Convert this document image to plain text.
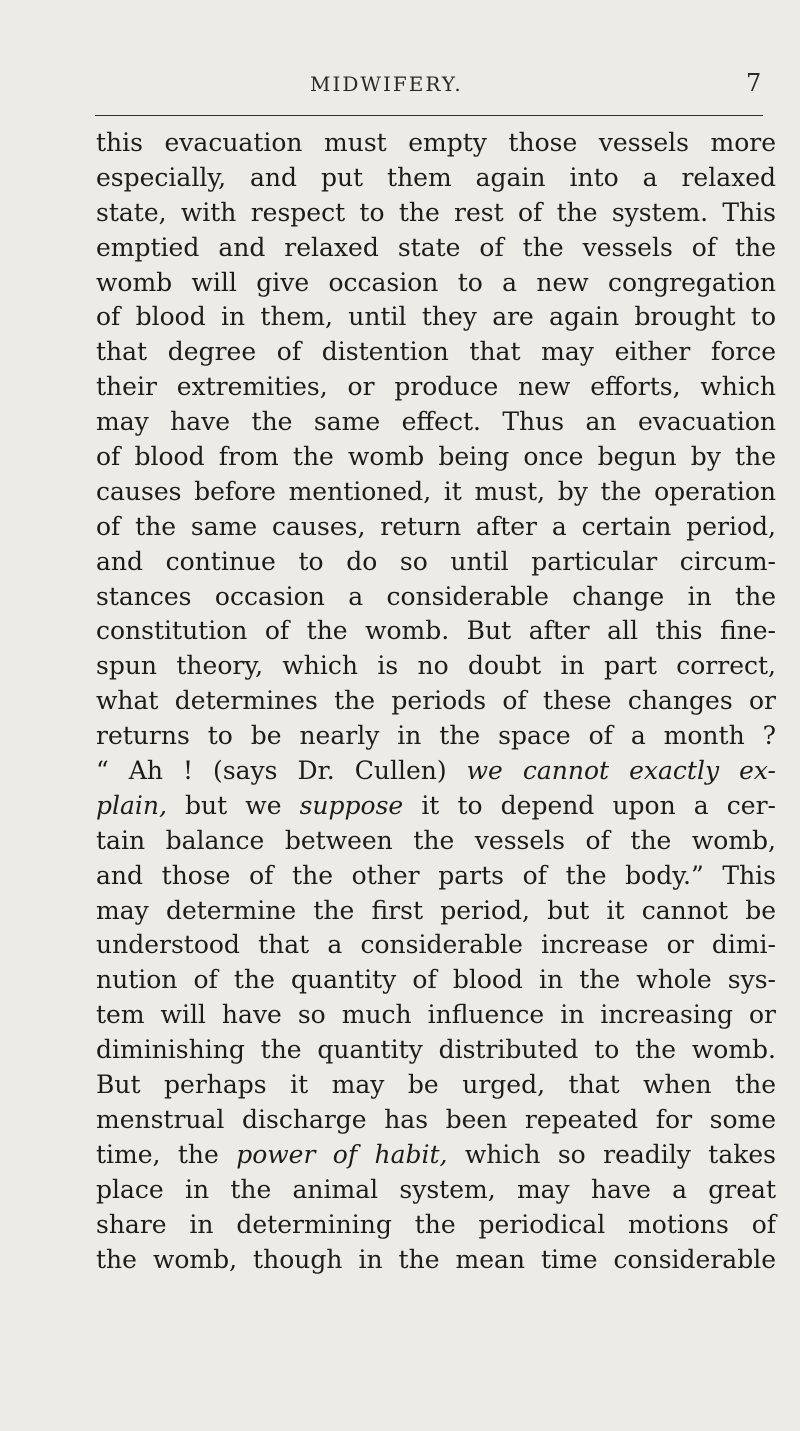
MIDWIFERY.	7
this evacuation must empty those vessels more
especially, and put them again into a relaxed
state, with respect to the rest of the system. This
emptied and relaxed state of the vessels of the
womb will give occasion to a new congregation
of blood in them, until they are again brought to
that degree of distention that may either force
their extremities, or produce new efforts, which
may have the same effect. Thus an evacuation
of blood from the womb being once begun by the
causes before mentioned, it must, by the operation
of the same causes, return after a certain period,
and continue to do so until particular circum-
stances occasion a considerable change in the
constitution of the womb. But after all this fine-
spun theory, which is no doubt in part correct,
what determines the periods of these changes or
returns to be nearly in the space of a month ?
“ Ah ! (says Dr. Cullen) we cannot exactly ex-
plain, but we suppose it to depend upon a cer-
tain balance between the vessels of the womb,
and those of the other parts of the body.” This
may determine the first period, but it cannot be
understood that a considerable increase or dimi-
nution of the quantity of blood in the whole sys-
tem will have so much influence in increasing or
diminishing the quantity distributed to the womb.
But perhaps it may be urged, that when the
menstrual discharge has been repeated for some
time, the power of habit, which so readily takes
place in the animal system, may have a great
share in determining the periodical motions of
the womb, though in the mean time considerable
